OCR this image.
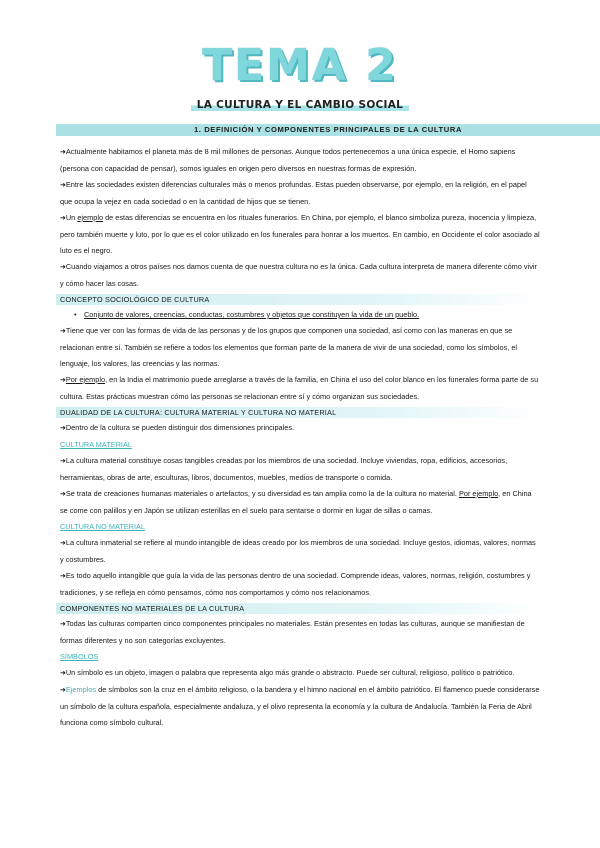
TEMA 2
LA CULTURA Y EL CAMBIO SOCIAL
1. DEFINICIÓN Y COMPONENTES PRINCIPALES DE LA CULTURA

➜Actualmente habitamos el planeta más de 8 mil millones de personas. Aunque todos pertenecemos a una única especie, el Homo sapiens (persona con capacidad de pensar), somos iguales en origen pero diversos en nuestras formas de expresión.

➜Entre las sociedades existen diferencias culturales más o menos profundas. Estas pueden observarse, por ejemplo, en la religión, en el papel que ocupa la vejez en cada sociedad o en la cantidad de hijos que se tienen.

➜Un ejemplo de estas diferencias se encuentra en los rituales funerarios. En China, por ejemplo, el blanco simboliza pureza, inocencia y limpieza, pero también muerte y luto, por lo que es el color utilizado en los funerales para honrar a los muertos. En cambio, en Occidente el color asociado al luto es el negro.

➜Cuando viajamos a otros países nos damos cuenta de que nuestra cultura no es la única. Cada cultura interpreta de manera diferente cómo vivir y cómo hacer las cosas.

CONCEPTO SOCIOLÓGICO DE CULTURA

• Conjunto de valores, creencias, conductas, costumbres y objetos que constituyen la vida de un pueblo.

➜Tiene que ver con las formas de vida de las personas y de los grupos que componen una sociedad, así como con las maneras en que se relacionan entre sí. También se refiere a todos los elementos que forman parte de la manera de vivir de una sociedad, como los símbolos, el lenguaje, los valores, las creencias y las normas.

➜Por ejemplo, en la India el matrimonio puede arreglarse a través de la familia, en China el uso del color blanco en los funerales forma parte de su cultura. Estas prácticas muestran cómo las personas se relacionan entre sí y cómo organizan sus sociedades.

DUALIDAD DE LA CULTURA: CULTURA MATERIAL Y CULTURA NO MATERIAL

➜Dentro de la cultura se pueden distinguir dos dimensiones principales.

CULTURA MATERIAL

➜La cultura material constituye cosas tangibles creadas por los miembros de una sociedad. Incluye viviendas, ropa, edificios, accesorios, herramientas, obras de arte, esculturas, libros, documentos, muebles, medios de transporte o comida.

➜Se trata de creaciones humanas materiales o artefactos, y su diversidad es tan amplia como la de la cultura no material. Por ejemplo, en China se come con palillos y en Japón se utilizan esterillas en el suelo para sentarse o dormir en lugar de sillas o camas.

CULTURA NO MATERIAL

➜La cultura inmaterial se refiere al mundo intangible de ideas creado por los miembros de una sociedad. Incluye gestos, idiomas, valores, normas y costumbres.

➜Es todo aquello intangible que guía la vida de las personas dentro de una sociedad. Comprende ideas, valores, normas, religión, costumbres y tradiciones, y se refleja en cómo pensamos, cómo nos comportamos y cómo nos relacionamos.

COMPONENTES NO MATERIALES DE LA CULTURA

➜Todas las culturas comparten cinco componentes principales no materiales. Están presentes en todas las culturas, aunque se manifiestan de formas diferentes y no son categorías excluyentes.

SÍMBOLOS

➜Un símbolo es un objeto, imagen o palabra que representa algo más grande o abstracto. Puede ser cultural, religioso, político o patriótico.

➜Ejemplos de símbolos son la cruz en el ámbito religioso, o la bandera y el himno nacional en el ámbito patriótico. El flamenco puede considerarse un símbolo de la cultura española, especialmente andaluza, y el olivo representa la economía y la cultura de Andalucía. También la Feria de Abril funciona como símbolo cultural.
